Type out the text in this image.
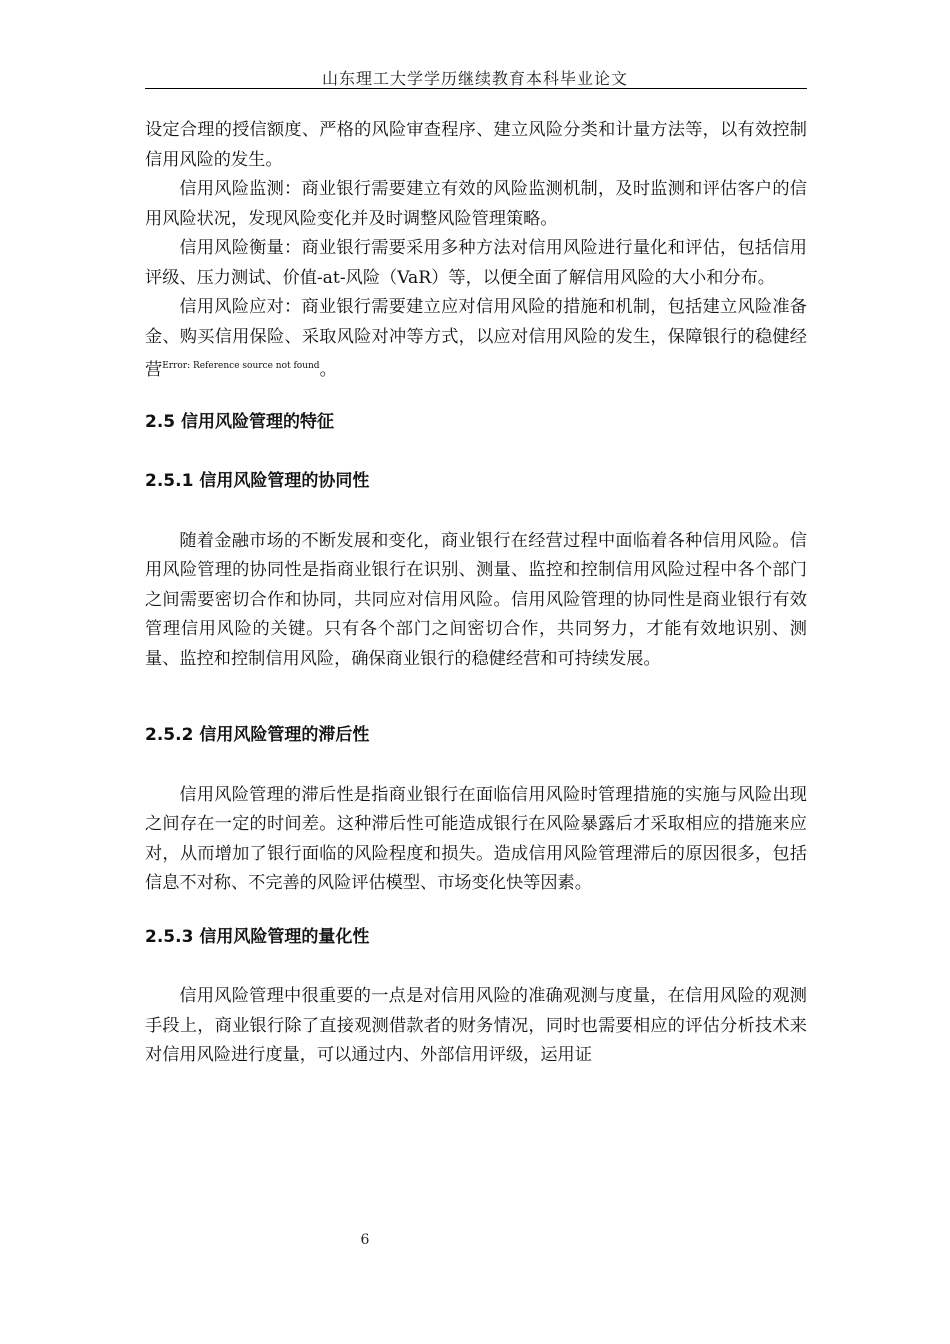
山东理工大学学历继续教育本科毕业论文

设定合理的授信额度、严格的风险审查程序、建立风险分类和计量方法等，以有效控制信用风险的发生。

信用风险监测：商业银行需要建立有效的风险监测机制，及时监测和评估客户的信用风险状况，发现风险变化并及时调整风险管理策略。

信用风险衡量：商业银行需要采用多种方法对信用风险进行量化和评估，包括信用评级、压力测试、价值-at-风险（VaR）等，以便全面了解信用风险的大小和分布。

信用风险应对：商业银行需要建立应对信用风险的措施和机制，包括建立风险准备金、购买信用保险、采取风险对冲等方式，以应对信用风险的发生，保障银行的稳健经营$^{Error: Reference source not found}$。

2.5 信用风险管理的特征
2.5.1 信用风险管理的协同性

随着金融市场的不断发展和变化，商业银行在经营过程中面临着各种信用风险。信用风险管理的协同性是指商业银行在识别、测量、监控和控制信用风险过程中各个部门之间需要密切合作和协同，共同应对信用风险。信用风险管理的协同性是商业银行有效管理信用风险的关键。只有各个部门之间密切合作，共同努力，才能有效地识别、测量、监控和控制信用风险，确保商业银行的稳健经营和可持续发展。

2.5.2 信用风险管理的滞后性

信用风险管理的滞后性是指商业银行在面临信用风险时管理措施的实施与风险出现之间存在一定的时间差。这种滞后性可能造成银行在风险暴露后才采取相应的措施来应对，从而增加了银行面临的风险程度和损失。造成信用风险管理滞后的原因很多，包括信息不对称、不完善的风险评估模型、市场变化快等因素。

2.5.3 信用风险管理的量化性

信用风险管理中很重要的一点是对信用风险的准确观测与度量，在信用风险的观测手段上，商业银行除了直接观测借款者的财务情况，同时也需要相应的评估分析技术来对信用风险进行度量，可以通过内、外部信用评级，运用证

6
